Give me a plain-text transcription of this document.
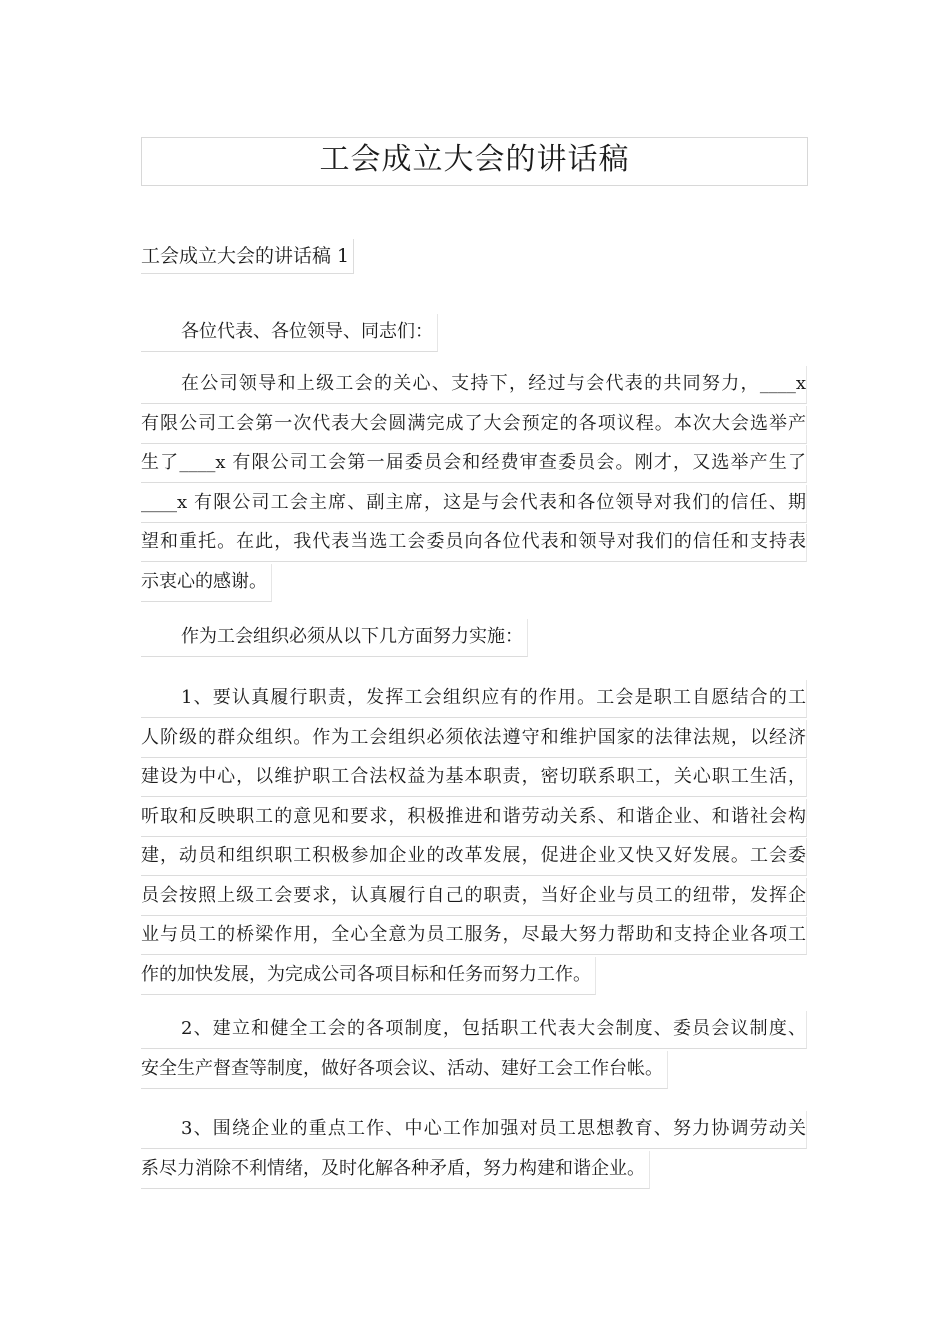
工会成立大会的讲话稿
工会成立大会的讲话稿 1
各位代表、各位领导、同志们：
在公司领导和上级工会的关心、支持下，经过与会代表的共同努力，____x
有限公司工会第一次代表大会圆满完成了大会预定的各项议程。本次大会选举产
生了____x 有限公司工会第一届委员会和经费审查委员会。刚才，又选举产生了
____x 有限公司工会主席、副主席，这是与会代表和各位领导对我们的信任、期
望和重托。在此，我代表当选工会委员向各位代表和领导对我们的信任和支持表
示衷心的感谢。
作为工会组织必须从以下几方面努力实施：
1、要认真履行职责，发挥工会组织应有的作用。工会是职工自愿结合的工
人阶级的群众组织。作为工会组织必须依法遵守和维护国家的法律法规，以经济
建设为中心，以维护职工合法权益为基本职责，密切联系职工，关心职工生活，
听取和反映职工的意见和要求，积极推进和谐劳动关系、和谐企业、和谐社会构
建，动员和组织职工积极参加企业的改革发展，促进企业又快又好发展。工会委
员会按照上级工会要求，认真履行自己的职责，当好企业与员工的纽带，发挥企
业与员工的桥梁作用，全心全意为员工服务，尽最大努力帮助和支持企业各项工
作的加快发展，为完成公司各项目标和任务而努力工作。
2、建立和健全工会的各项制度，包括职工代表大会制度、委员会议制度、
安全生产督查等制度，做好各项会议、活动、建好工会工作台帐。
3、围绕企业的重点工作、中心工作加强对员工思想教育、努力协调劳动关
系尽力消除不利情绪，及时化解各种矛盾，努力构建和谐企业。
